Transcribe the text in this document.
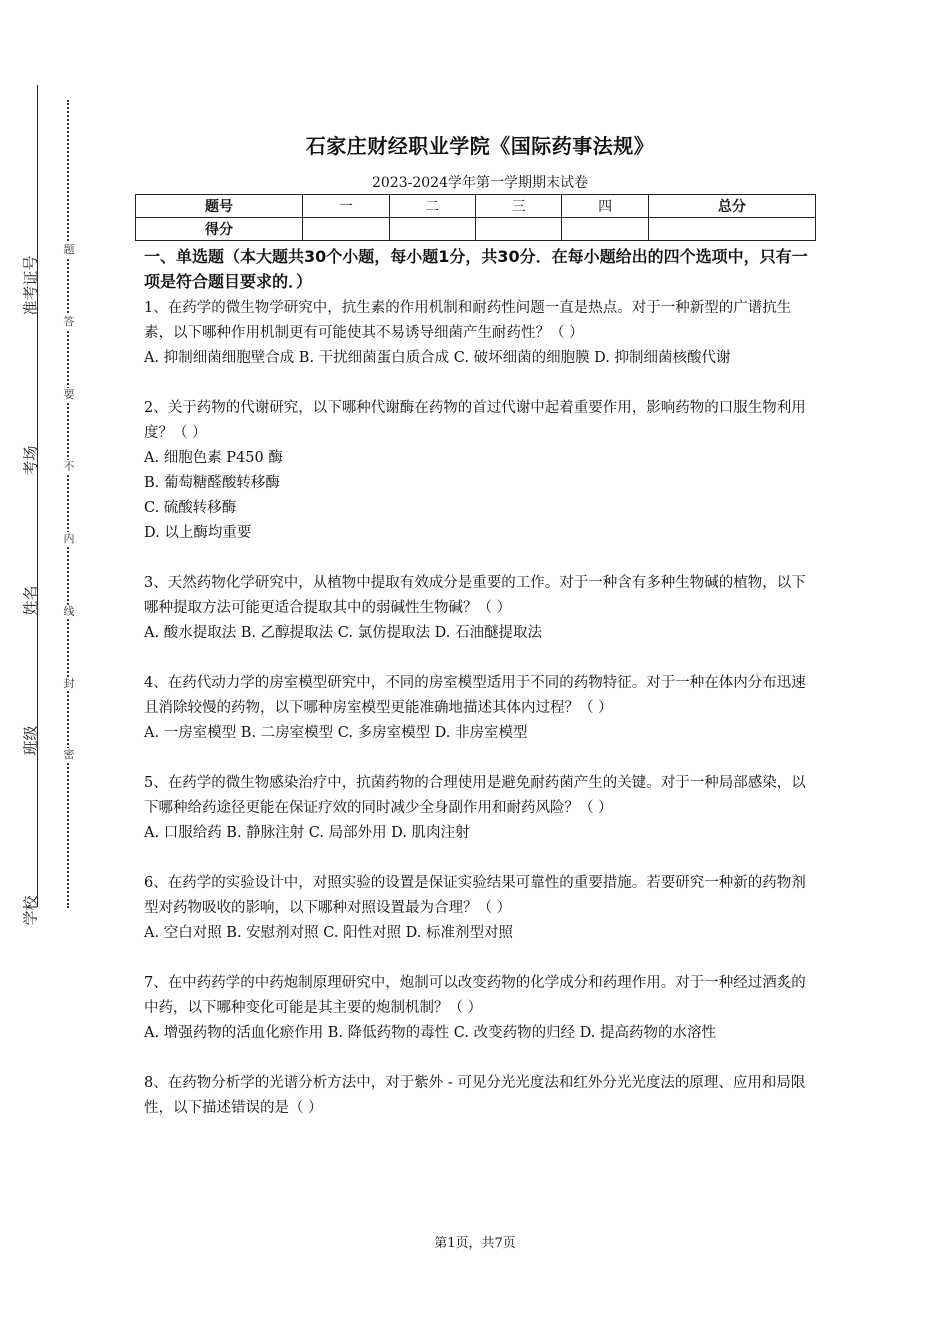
准考证号
考场
姓名
班级
学校
题
答
要
不
内
线
封
密
石家庄财经职业学院《国际药事法规》
2023-2024学年第一学期期末试卷
题号	一	二	三	四	总分
得分					
一、单选题（本大题共30个小题，每小题1分，共30分．在每小题给出的四个选项中，只有一项是符合题目要求的．）

1、在药学的微生物学研究中，抗生素的作用机制和耐药性问题一直是热点。对于一种新型的广谱抗生素，以下哪种作用机制更有可能使其不易诱导细菌产生耐药性？（ ）

A. 抑制细菌细胞壁合成 B. 干扰细菌蛋白质合成 C. 破坏细菌的细胞膜 D. 抑制细菌核酸代谢

2、关于药物的代谢研究，以下哪种代谢酶在药物的首过代谢中起着重要作用，影响药物的口服生物利用度？（ ）

A. 细胞色素 P450 酶

B. 葡萄糖醛酸转移酶

C. 硫酸转移酶

D. 以上酶均重要

3、天然药物化学研究中，从植物中提取有效成分是重要的工作。对于一种含有多种生物碱的植物，以下哪种提取方法可能更适合提取其中的弱碱性生物碱？（ ）

A. 酸水提取法 B. 乙醇提取法 C. 氯仿提取法 D. 石油醚提取法

4、在药代动力学的房室模型研究中，不同的房室模型适用于不同的药物特征。对于一种在体内分布迅速且消除较慢的药物，以下哪种房室模型更能准确地描述其体内过程？（ ）

A. 一房室模型 B. 二房室模型 C. 多房室模型 D. 非房室模型

5、在药学的微生物感染治疗中，抗菌药物的合理使用是避免耐药菌产生的关键。对于一种局部感染，以下哪种给药途径更能在保证疗效的同时减少全身副作用和耐药风险？（ ）

A. 口服给药 B. 静脉注射 C. 局部外用 D. 肌肉注射

6、在药学的实验设计中，对照实验的设置是保证实验结果可靠性的重要措施。若要研究一种新的药物剂型对药物吸收的影响，以下哪种对照设置最为合理？（ ）

A. 空白对照 B. 安慰剂对照 C. 阳性对照 D. 标准剂型对照

7、在中药药学的中药炮制原理研究中，炮制可以改变药物的化学成分和药理作用。对于一种经过酒炙的中药，以下哪种变化可能是其主要的炮制机制？（ ）

A. 增强药物的活血化瘀作用 B. 降低药物的毒性 C. 改变药物的归经 D. 提高药物的水溶性

8、在药物分析学的光谱分析方法中，对于紫外 - 可见分光光度法和红外分光光度法的原理、应用和局限性，以下描述错误的是（ ）

第1页，共7页
